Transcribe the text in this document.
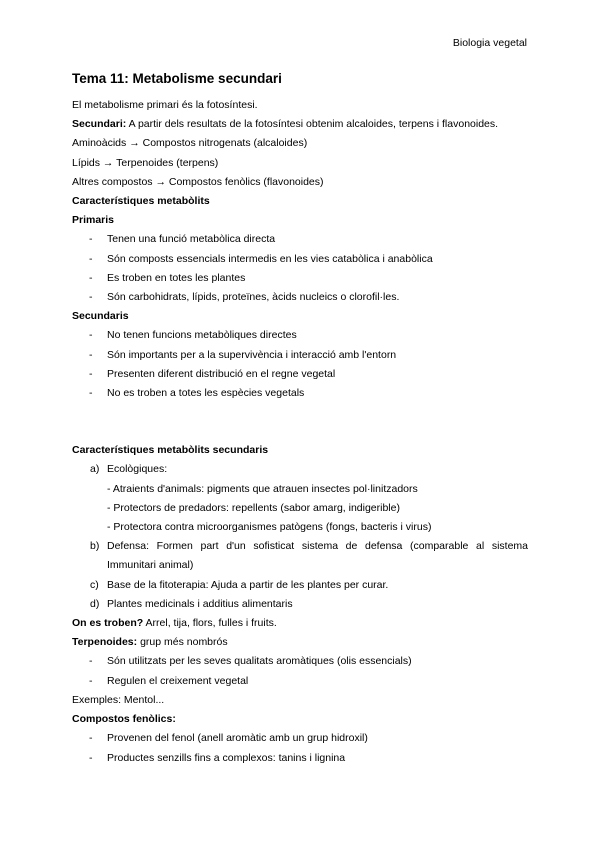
Biologia vegetal
Tema 11: Metabolisme secundari
El metabolisme primari és la fotosíntesi.
Secundari: A partir dels resultats de la fotosíntesi obtenim alcaloides, terpens i flavonoides.
Aminoàcids → Compostos nitrogenats (alcaloides)
Lípids → Terpenoides (terpens)
Altres compostos → Compostos fenòlics (flavonoides)
Característiques metabòlits
Primaris
- Tenen una funció metabòlica directa
- Són composts essencials intermedis en les vies catabòlica i anabòlica
- Es troben en totes les plantes
- Són carbohidrats, lípids, proteïnes, àcids nucleics o clorofil·les.
Secundaris
- No tenen funcions metabòliques directes
- Són importants per a la supervivència i interacció amb l'entorn
- Presenten diferent distribució en el regne vegetal
- No es troben a totes les espècies vegetals
Característiques metabòlits secundaris
a) Ecològiques:
- Atraients d'animals: pigments que atrauen insectes pol·linitzadors
- Protectors de predadors: repellents (sabor amarg, indigerible)
- Protectora contra microorganismes patògens (fongs, bacteris i virus)
b) Defensa: Formen part d'un sofisticat sistema de defensa (comparable al sistema Immunitari animal)
c) Base de la fitoterapia: Ajuda a partir de les plantes per curar.
d) Plantes medicinals i additius alimentaris
On es troben? Arrel, tija, flors, fulles i fruits.
Terpenoides: grup més nombrós
- Són utilitzats per les seves qualitats aromàtiques (olis essencials)
- Regulen el creixement vegetal
Exemples: Mentol...
Compostos fenòlics:
- Provenen del fenol (anell aromàtic amb un grup hidroxil)
- Productes senzills fins a complexos: tanins i lignina
